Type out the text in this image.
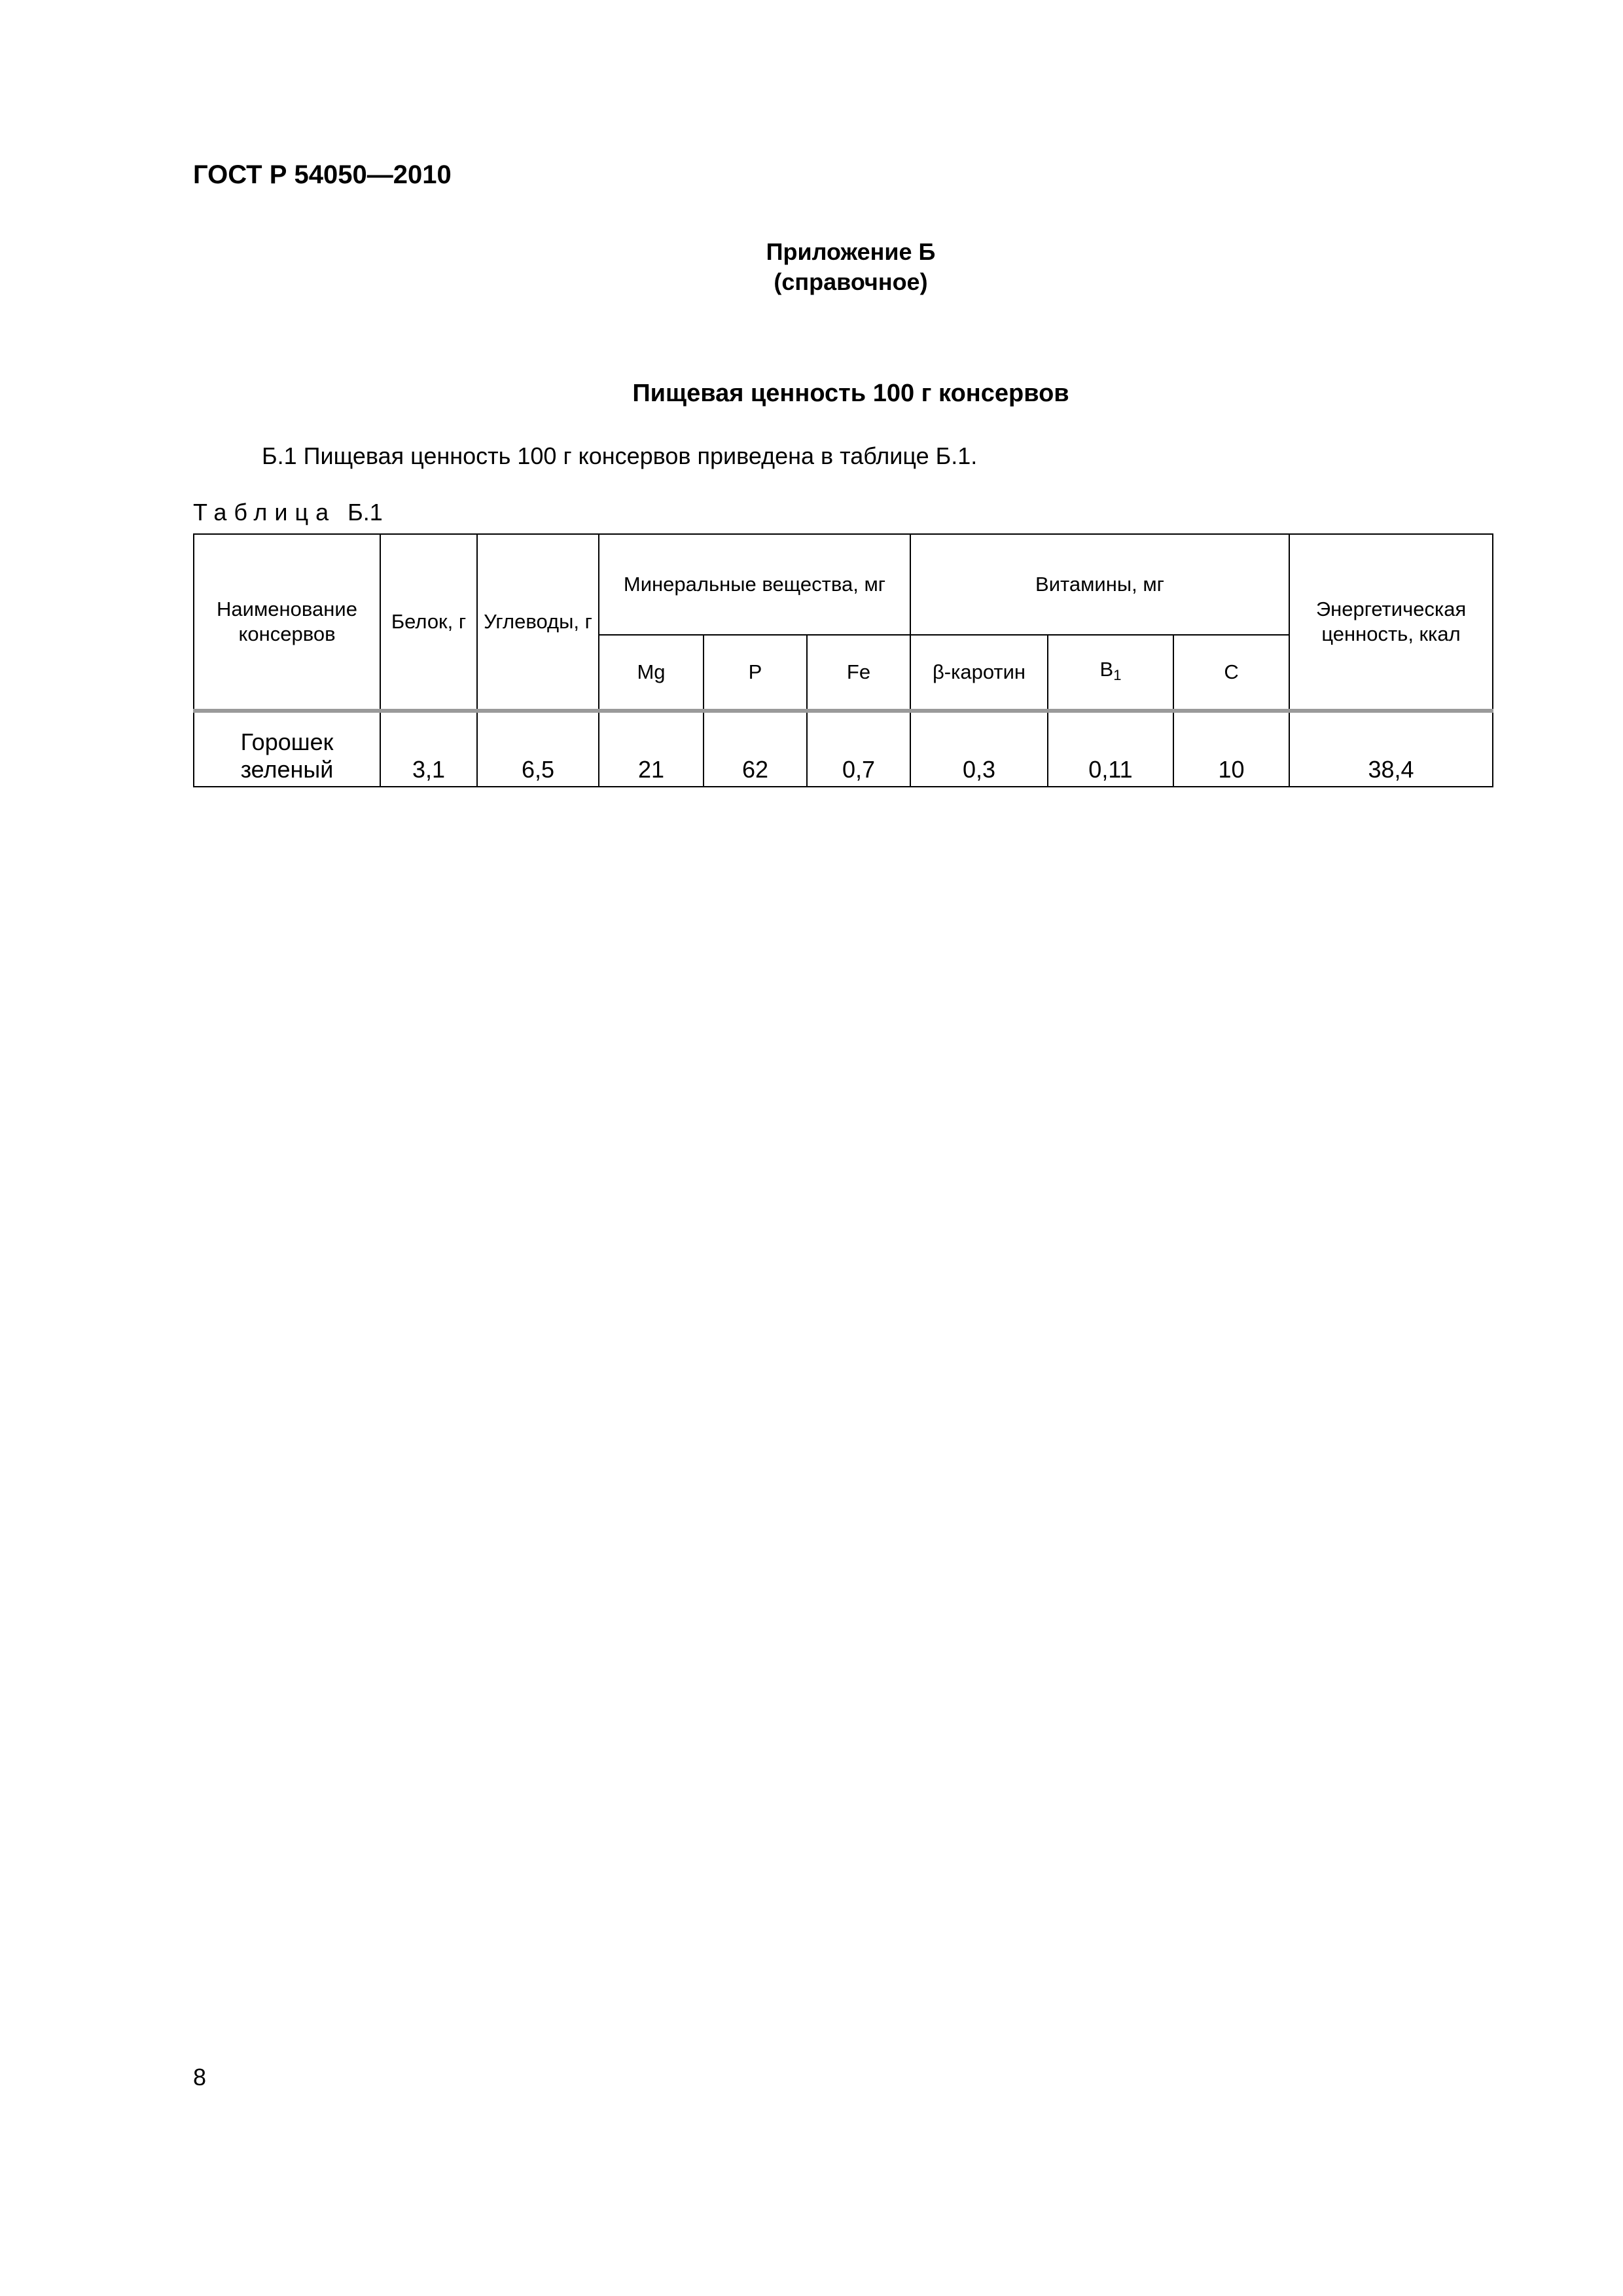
ГОСТ Р 54050—2010
Приложение Б
(справочное)
Пищевая ценность 100 г консервов
Б.1 Пищевая ценность 100 г консервов приведена в таблице Б.1.
Таблица Б.1
Наименование консервов	Белок, г	Углеводы, г	Минеральные вещества, мг			Витамины, мг			Энергетическая ценность, ккал
			Mg	P	Fe	β-каротин	$B_1$	C	

Горошек
зеленый	3,1	6,5	21	62	0,7	0,3	0,11	10	38,4
8
